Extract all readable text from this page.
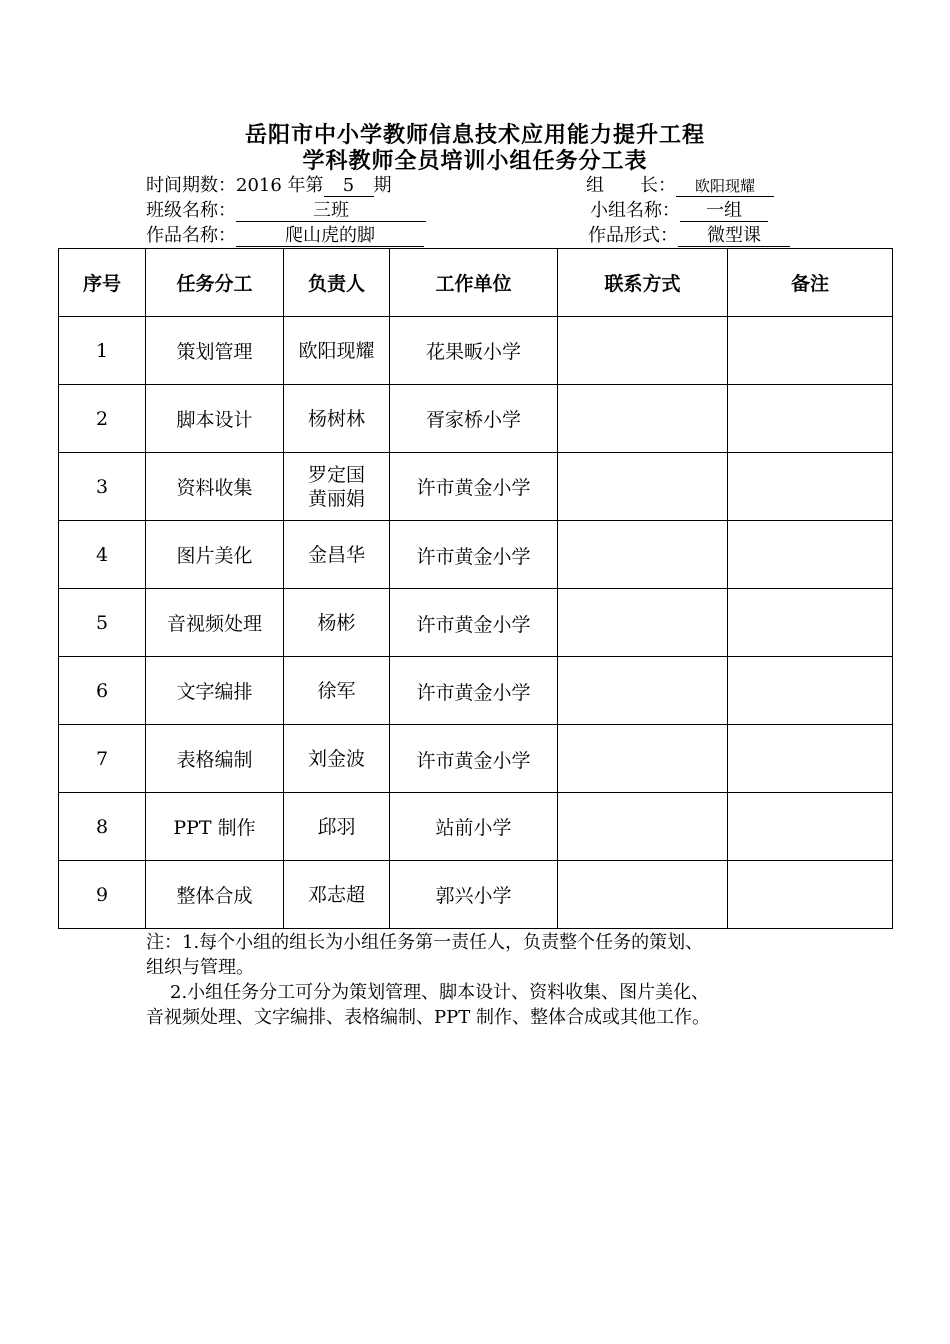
岳阳市中小学教师信息技术应用能力提升工程
学科教师全员培训小组任务分工表
时间期数：2016 年第 5 期	组　　长： 欧阳现耀
班级名称：	三班	小组名称： 一组
作品名称：	爬山虎的脚	作品形式： 微型课
序号	任务分工	负责人	工作单位	联系方式	备注
1	策划管理	欧阳现耀	花果畈小学		
2	脚本设计	杨树林	胥家桥小学		
3	资料收集	罗定国
黄丽娟	许市黄金小学		
4	图片美化	金昌华	许市黄金小学		

5	音视频处理	杨彬	许市黄金小学		

6	文字编排	徐军	许市黄金小学		

7	表格编制	刘金波	许市黄金小学		

8	PPT 制作	邱羽	站前小学		
9	整体合成	邓志超	郭兴小学		

注：1.每个小组的组长为小组任务第一责任人，负责整个任务的策划、

组织与管理。

2.小组任务分工可分为策划管理、脚本设计、资料收集、图片美化、

音视频处理、文字编排、表格编制、PPT 制作、整体合成或其他工作。
